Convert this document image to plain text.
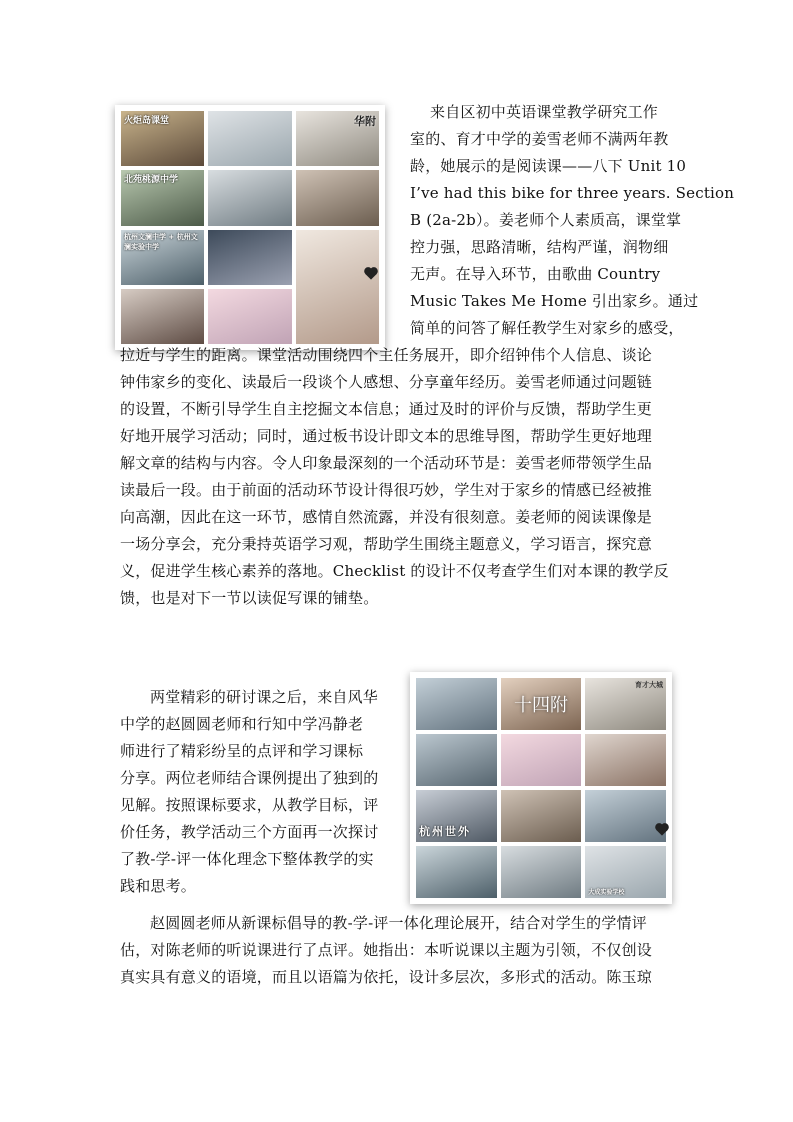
火炬岛课堂	华附
北苑桃源中学
杭州文澜中学 + 杭州文澜实验中学
十四附
育才大城
杭州世外
大成实验学校
来自区初中英语课堂教学研究工作
室的、育才中学的姜雪老师不满两年教
龄，她展示的是阅读课——八下 Unit 10
I’ve had this bike for three years. Section
B (2a-2b）。姜老师个人素质高，课堂掌
控力强，思路清晰，结构严谨，润物细
无声。在导入环节，由歌曲 Country
Music Takes Me Home 引出家乡。通过
简单的问答了解任教学生对家乡的感受，
拉近与学生的距离。课堂活动围绕四个主任务展开，即介绍钟伟个人信息、谈论
钟伟家乡的变化、读最后一段谈个人感想、分享童年经历。姜雪老师通过问题链
的设置，不断引导学生自主挖掘文本信息；通过及时的评价与反馈，帮助学生更
好地开展学习活动；同时，通过板书设计即文本的思维导图，帮助学生更好地理
解文章的结构与内容。令人印象最深刻的一个活动环节是：姜雪老师带领学生品
读最后一段。由于前面的活动环节设计得很巧妙，学生对于家乡的情感已经被推
向高潮，因此在这一环节，感情自然流露，并没有很刻意。姜老师的阅读课像是
一场分享会，充分秉持英语学习观，帮助学生围绕主题意义，学习语言，探究意
义，促进学生核心素养的落地。Checklist 的设计不仅考查学生们对本课的教学反
馈，也是对下一节以读促写课的铺垫。
两堂精彩的研讨课之后，来自风华
中学的赵圆圆老师和行知中学冯静老
师进行了精彩纷呈的点评和学习课标
分享。两位老师结合课例提出了独到的
见解。按照课标要求，从教学目标，评
价任务，教学活动三个方面再一次探讨
了教-学-评一体化理念下整体教学的实
践和思考。
赵圆圆老师从新课标倡导的教-学-评一体化理论展开，结合对学生的学情评
估，对陈老师的听说课进行了点评。她指出：本听说课以主题为引领，不仅创设
真实具有意义的语境，而且以语篇为依托，设计多层次，多形式的活动。陈玉琼
